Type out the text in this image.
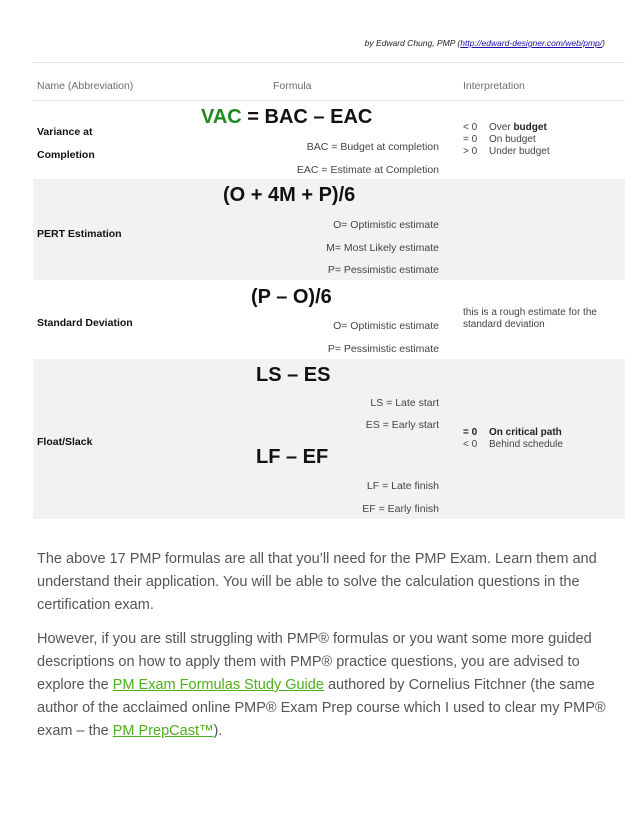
by Edward Chung, PMP (http://edward-designer.com/web/pmp/)
Name (Abbreviation)	Formula	Interpretation
Variance at
Completion
VAC = BAC – EAC
BAC = Budget at completion
EAC = Estimate at Completion
< 0 Over budget
= 0 On budget
> 0 Under budget
PERT Estimation
(O + 4M + P)/6
O= Optimistic estimate
M= Most Likely estimate
P= Pessimistic estimate
Standard Deviation
(P – O)/6
O= Optimistic estimate
P= Pessimistic estimate
this is a rough estimate for the standard deviation
Float/Slack
LS – ES
LS = Late start
ES = Early start
LF – EF
LF = Late finish
EF = Early finish
= 0 On critical path
< 0 Behind schedule
The above 17 PMP formulas are all that you’ll need for the PMP Exam. Learn them and understand their application. You will be able to solve the calculation questions in the certification exam.
However, if you are still struggling with PMP® formulas or you want some more guided descriptions on how to apply them with PMP® practice questions, you are advised to explore the PM Exam Formulas Study Guide authored by Cornelius Fitchner (the same author of the acclaimed online PMP® Exam Prep course which I used to clear my PMP® exam – the PM PrepCast™).
